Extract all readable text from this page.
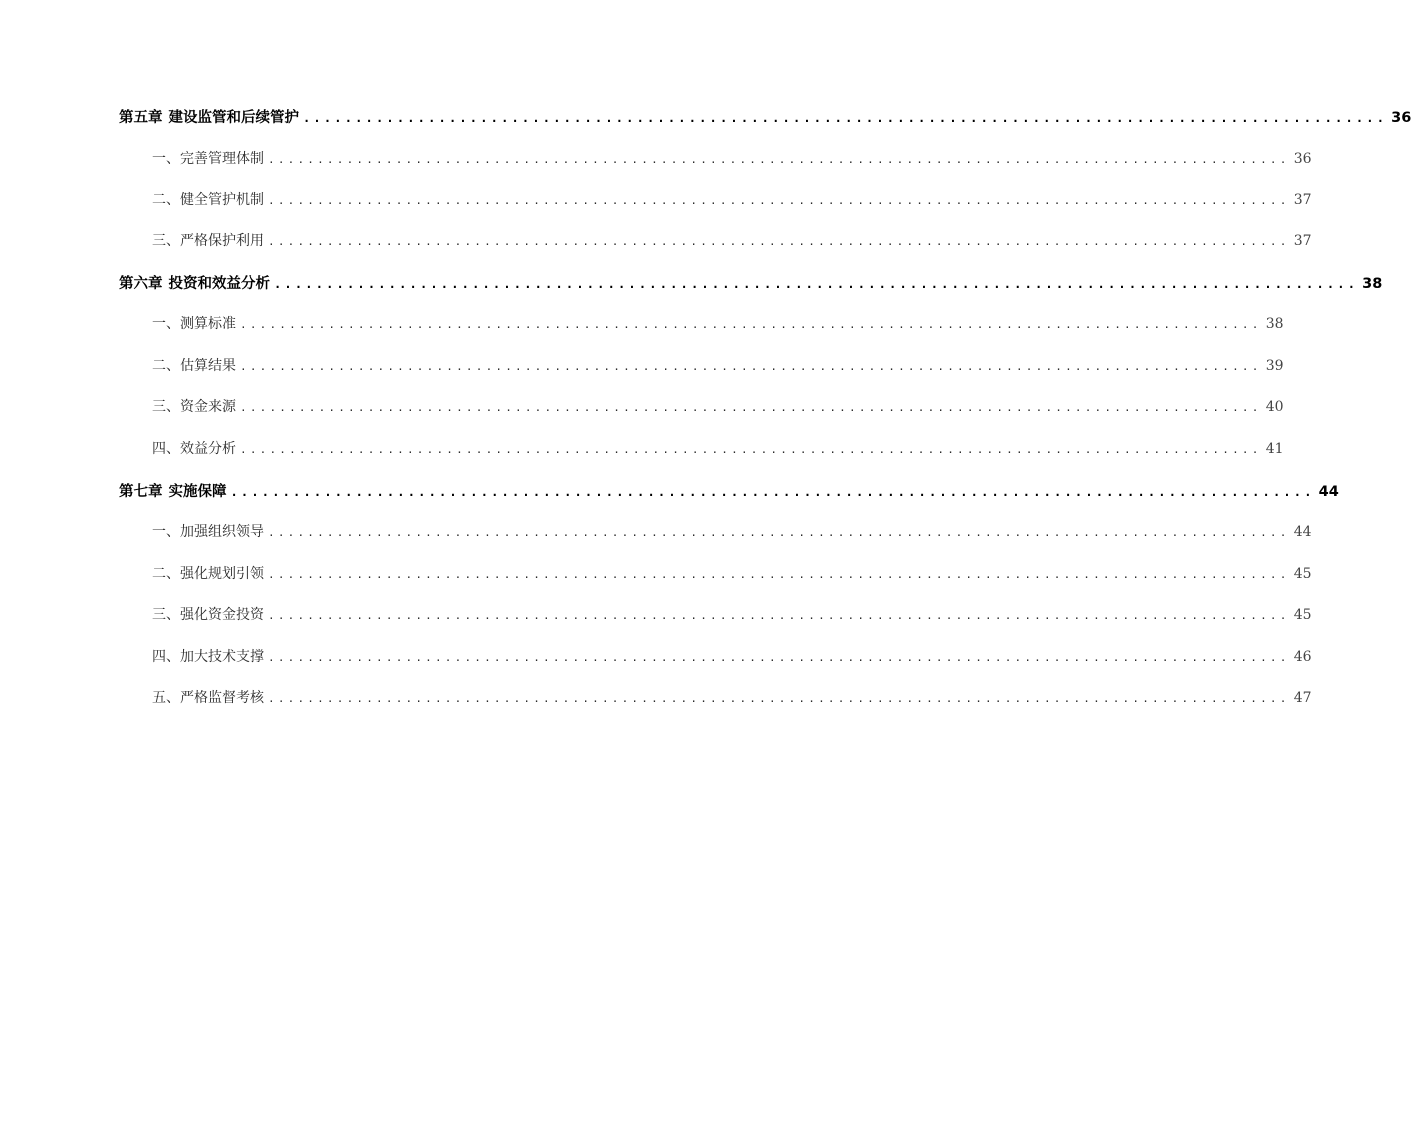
第五章 建设监管和后续管护 ........................................................................................................ 36
一、完善管理体制 ........................................................................................................ 36
二、健全管护机制 ........................................................................................................ 37
三、严格保护利用 ........................................................................................................ 37
第六章 投资和效益分析 ........................................................................................................ 38
一、测算标准 ........................................................................................................ 38
二、估算结果 ........................................................................................................ 39
三、资金来源 ........................................................................................................ 40
四、效益分析 ........................................................................................................ 41
第七章 实施保障 ........................................................................................................ 44
一、加强组织领导 ........................................................................................................ 44
二、强化规划引领 ........................................................................................................ 45
三、强化资金投资 ........................................................................................................ 45
四、加大技术支撑 ........................................................................................................ 46
五、严格监督考核 ........................................................................................................ 47
